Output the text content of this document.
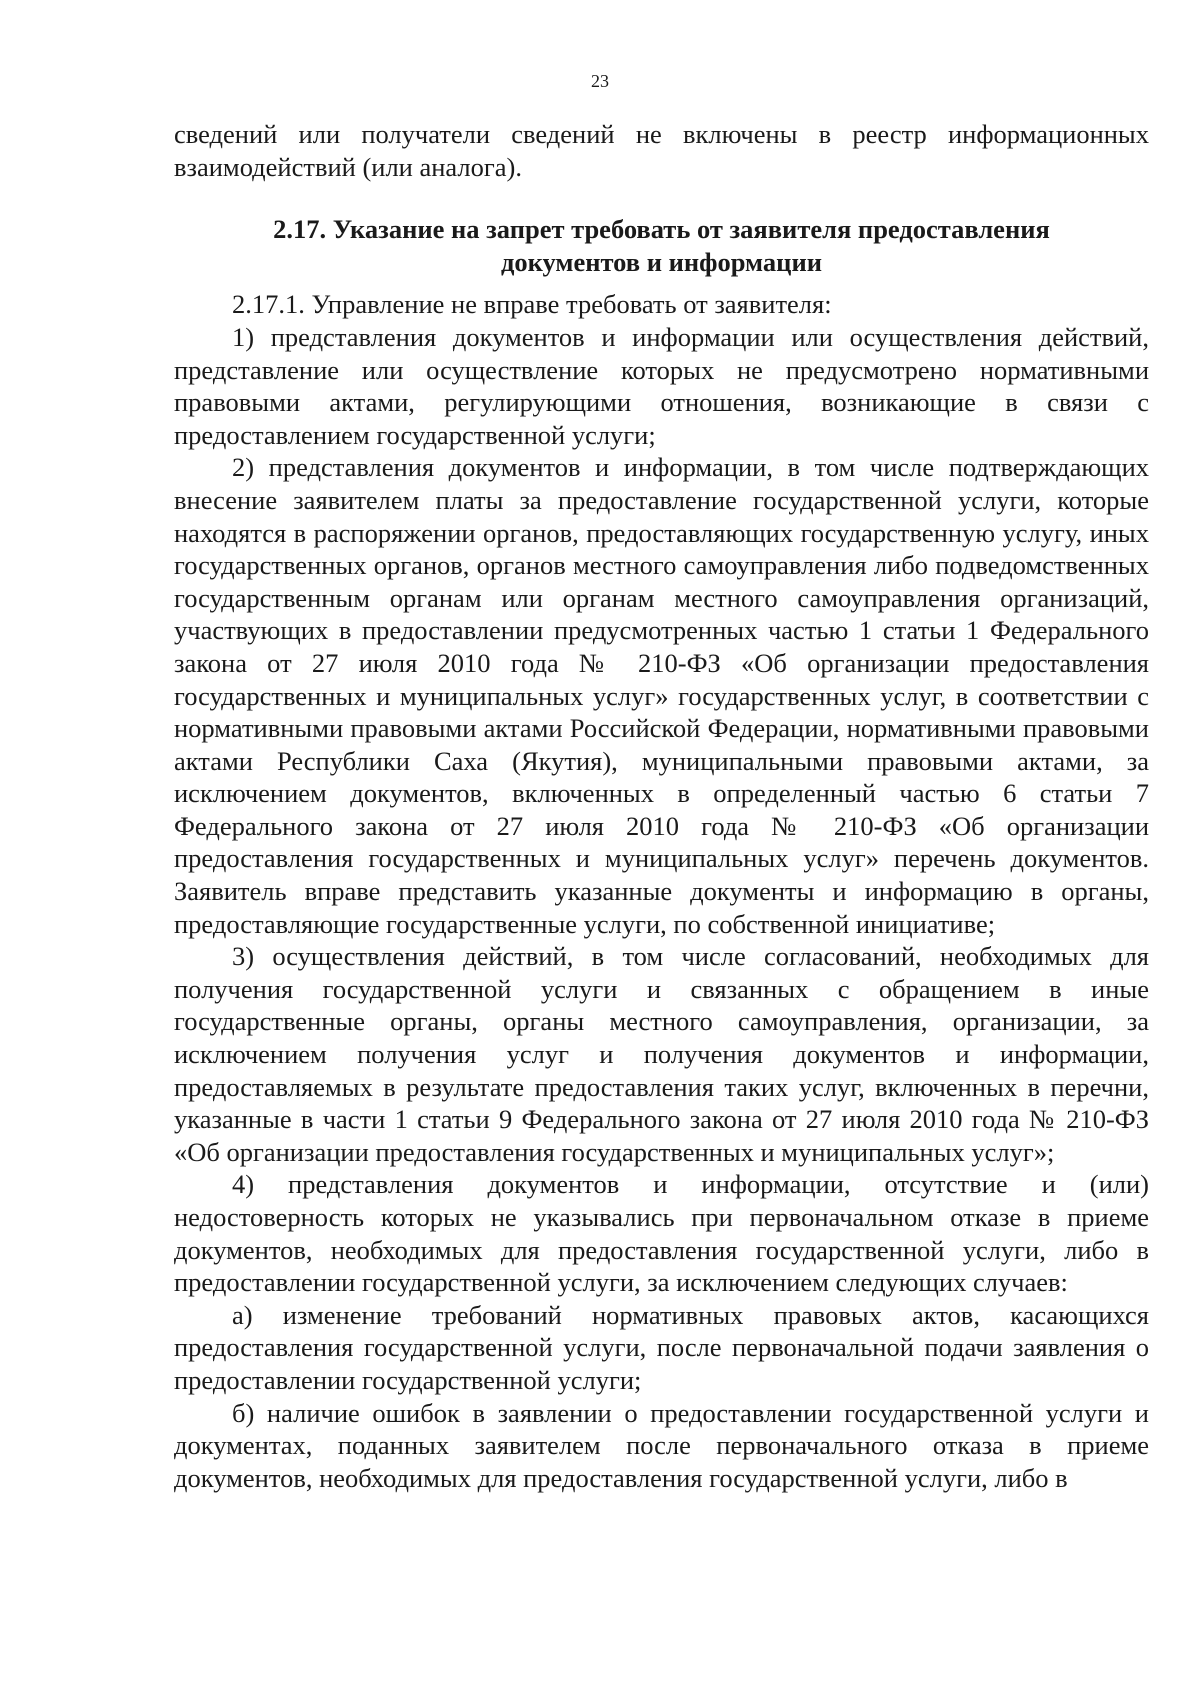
23

сведений или получатели сведений не включены в реестр информационных взаимодействий (или аналога).

2.17. Указание на запрет требовать от заявителя предоставления документов и информации

2.17.1. Управление не вправе требовать от заявителя:

1) представления документов и информации или осуществления действий, представление или осуществление которых не предусмотрено нормативными правовыми актами, регулирующими отношения, возникающие в связи с предоставлением государственной услуги;

2) представления документов и информации, в том числе подтверждающих внесение заявителем платы за предоставление государственной услуги, которые находятся в распоряжении органов, предоставляющих государственную услугу, иных государственных органов, органов местного самоуправления либо подведомственных государственным органам или органам местного самоуправления организаций, участвующих в предоставлении предусмотренных частью 1 статьи 1 Федерального закона от 27 июля 2010 года № 210-ФЗ «Об организации предоставления государственных и муниципальных услуг» государственных услуг, в соответствии с нормативными правовыми актами Российской Федерации, нормативными правовыми актами Республики Саха (Якутия), муниципальными правовыми актами, за исключением документов, включенных в определенный частью 6 статьи 7 Федерального закона от 27 июля 2010 года № 210-ФЗ «Об организации предоставления государственных и муниципальных услуг» перечень документов. Заявитель вправе представить указанные документы и информацию в органы, предоставляющие государственные услуги, по собственной инициативе;

3) осуществления действий, в том числе согласований, необходимых для получения государственной услуги и связанных с обращением в иные государственные органы, органы местного самоуправления, организации, за исключением получения услуг и получения документов и информации, предоставляемых в результате предоставления таких услуг, включенных в перечни, указанные в части 1 статьи 9 Федерального закона от 27 июля 2010 года № 210-ФЗ «Об организации предоставления государственных и муниципальных услуг»;

4) представления документов и информации, отсутствие и (или) недостоверность которых не указывались при первоначальном отказе в приеме документов, необходимых для предоставления государственной услуги, либо в предоставлении государственной услуги, за исключением следующих случаев:

а) изменение требований нормативных правовых актов, касающихся предоставления государственной услуги, после первоначальной подачи заявления о предоставлении государственной услуги;

б) наличие ошибок в заявлении о предоставлении государственной услуги и документах, поданных заявителем после первоначального отказа в приеме документов, необходимых для предоставления государственной услуги, либо в
